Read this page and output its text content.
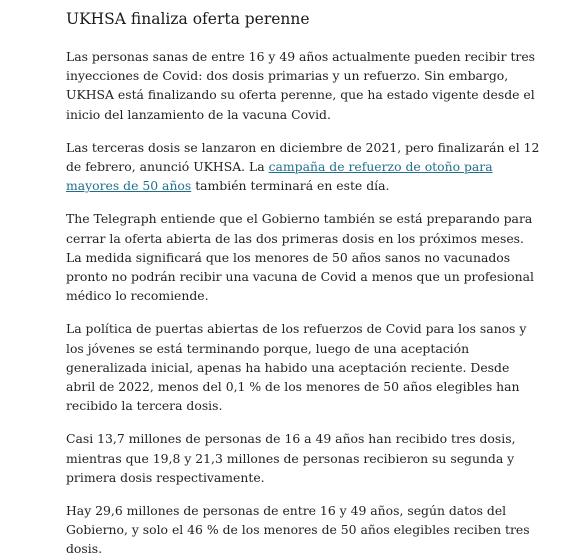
UKHSA finaliza oferta perenne

Las personas sanas de entre 16 y 49 años actualmente pueden recibir tres inyecciones de Covid: dos dosis primarias y un refuerzo. Sin embargo, UKHSA está finalizando su oferta perenne, que ha estado vigente desde el inicio del lanzamiento de la vacuna Covid.

Las terceras dosis se lanzaron en diciembre de 2021, pero finalizarán el 12 de febrero, anunció UKHSA. La campaña de refuerzo de otoño para mayores de 50 años también terminará en este día.

The Telegraph entiende que el Gobierno también se está preparando para cerrar la oferta abierta de las dos primeras dosis en los próximos meses. La medida significará que los menores de 50 años sanos no vacunados pronto no podrán recibir una vacuna de Covid a menos que un profesional médico lo recomiende.

La política de puertas abiertas de los refuerzos de Covid para los sanos y los jóvenes se está terminando porque, luego de una aceptación generalizada inicial, apenas ha habido una aceptación reciente. Desde abril de 2022, menos del 0,1 % de los menores de 50 años elegibles han recibido la tercera dosis.

Casi 13,7 millones de personas de 16 a 49 años han recibido tres dosis, mientras que 19,8 y 21,3 millones de personas recibieron su segunda y primera dosis respectivamente.

Hay 29,6 millones de personas de entre 16 y 49 años, según datos del Gobierno, y solo el 46 % de los menores de 50 años elegibles reciben tres dosis.
